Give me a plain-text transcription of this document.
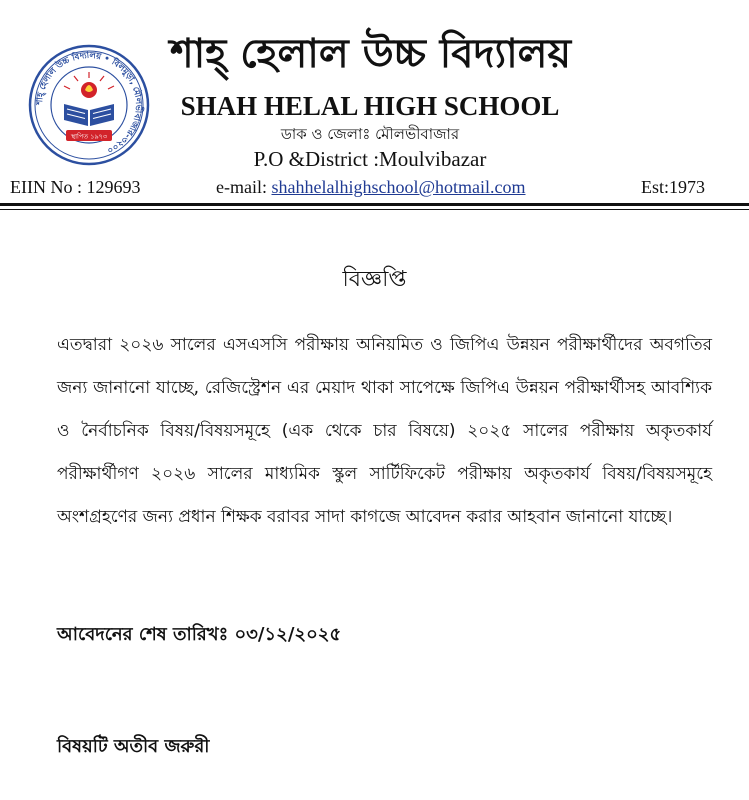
শাহ্ হেলাল উচ্চ বিদ্যালয় • বিলমুড়া, মৌলভীবাজার-৩২০০
স্থাপিত ১৯৭৩
শাহ্ হেলাল উচ্চ বিদ্যালয়
SHAH HELAL HIGH SCHOOL
ডাক ও জেলাঃ মৌলভীবাজার
P.O &District :Moulvibazar
EIIN No : 129693	e-mail: shahhelalhighschool@hotmail.com	Est:1973
বিজ্ঞপ্তি

এতদ্বারা ২০২৬ সালের এসএসসি পরীক্ষায় অনিয়মিত ও জিপিএ উন্নয়ন পরীক্ষার্থীদের অবগতির জন্য জানানো যাচ্ছে, রেজিস্ট্রেশন এর মেয়াদ থাকা সাপেক্ষে জিপিএ উন্নয়ন পরীক্ষার্থীসহ আবশ্যিক ও নৈর্বাচনিক বিষয়/বিষয়সমূহে (এক থেকে চার বিষয়ে) ২০২৫ সালের পরীক্ষায় অকৃতকার্য পরীক্ষার্থীগণ ২০২৬ সালের মাধ্যমিক স্কুল সার্টিফিকেট পরীক্ষায় অকৃতকার্য বিষয়/বিষয়সমূহে অংশগ্রহণের জন্য প্রধান শিক্ষক বরাবর সাদা কাগজে আবেদন করার আহবান জানানো যাচ্ছে।

আবেদনের শেষ তারিখঃ ০৩/১২/২০২৫
বিষয়টি অতীব জরুরী
